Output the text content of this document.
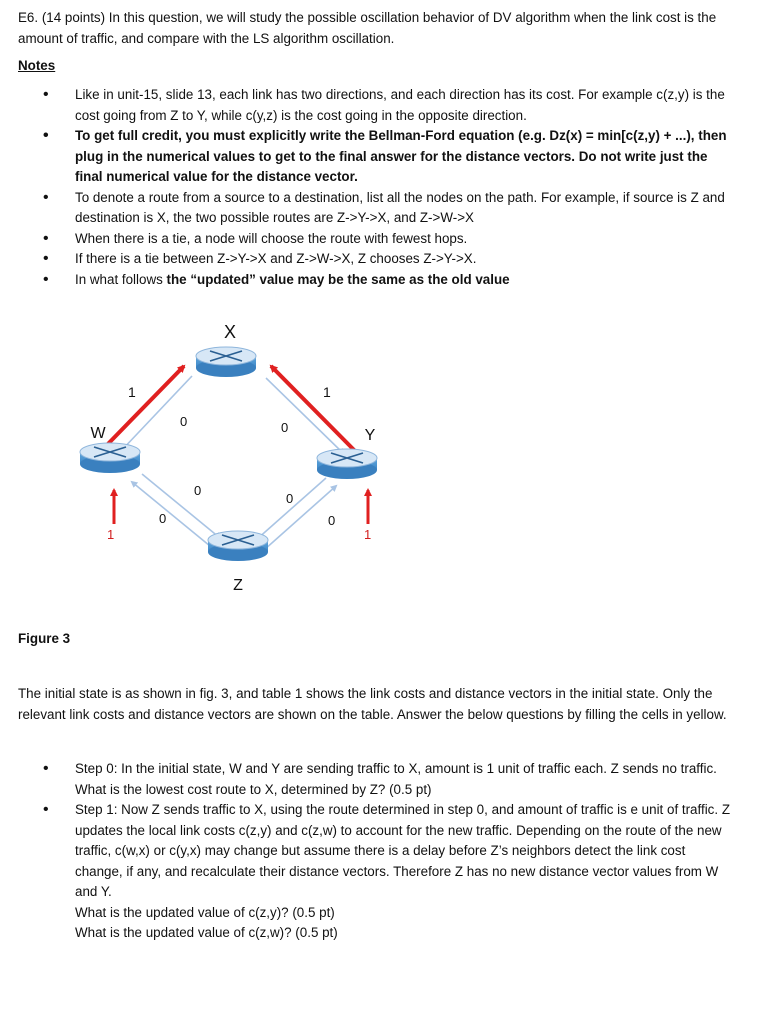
E6. (14 points) In this question, we will study the possible oscillation behavior of DV algorithm when the link cost is the amount of traffic, and compare with the LS algorithm oscillation.

Notes
• Like in unit-15, slide 13, each link has two directions, and each direction has its cost. For example c(z,y) is the cost going from Z to Y, while c(y,z) is the cost going in the opposite direction.
• To get full credit, you must explicitly write the Bellman-Ford equation (e.g. Dz(x) = min[c(z,y) + ...), then plug in the numerical values to get to the final answer for the distance vectors. Do not write just the final numerical value for the distance vector.
• To denote a route from a source to a destination, list all the nodes on the path. For example, if source is Z and destination is X, the two possible routes are Z->Y->X, and Z->W->X
• When there is a tie, a node will choose the route with fewest hops.
• If there is a tie between Z->Y->X and Z->W->X, Z chooses Z->Y->X.
• In what follows the “updated” value may be the same as the old value
X
W	Y
Z
1
0
1
0
0
0
0
0
1	1
Figure 3

The initial state is as shown in fig. 3, and table 1 shows the link costs and distance vectors in the initial state. Only the relevant link costs and distance vectors are shown on the table. Answer the below questions by filling the cells in yellow.

• Step 0: In the initial state, W and Y are sending traffic to X, amount is 1 unit of traffic each. Z sends no traffic.
What is the lowest cost route to X, determined by Z? (0.5 pt)
• Step 1: Now Z sends traffic to X, using the route determined in step 0, and amount of traffic is e unit of traffic. Z updates the local link costs c(z,y) and c(z,w) to account for the new traffic. Depending on the route of the new traffic, c(w,x) or c(y,x) may change but assume there is a delay before Z’s neighbors detect the link cost change, if any, and recalculate their distance vectors. Therefore Z has no new distance vector values from W and Y.
What is the updated value of c(z,y)? (0.5 pt)
What is the updated value of c(z,w)? (0.5 pt)
